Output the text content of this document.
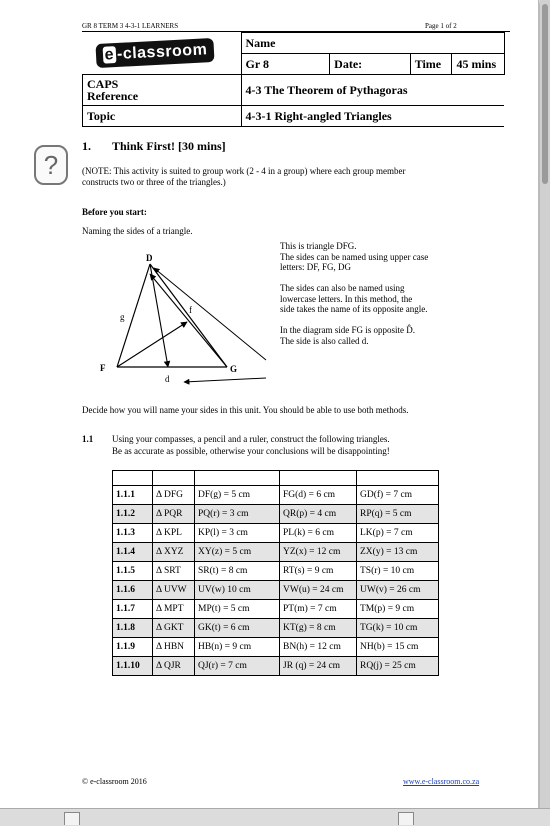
GR 8 TERM 3 4-3-1 LEARNERS	Page 1 of 2
e -classroom
		Name			
	Gr 8	Date:	Time	45 mins

CAPS
Reference	4-3 The Theorem of Pythagoras			
Topic	4-3-1 Right-angled Triangles			
?
1. Think First! [30 mins]
(NOTE: This activity is suited to group work (2 - 4 in a group) where each group member
constructs two or three of the triangles.)
Before you start:
Naming the sides of a triangle.
This is triangle DFG.
The sides can be named using upper case
letters: DF, FG, DG
The sides can also be named using
lowercase letters. In this method, the
side takes the name of its opposite angle.
In the diagram side FG is opposite D̂.
The side is also called d.
D
F	G
g
f
d
Decide how you will name your sides in this unit. You should be able to use both methods.
1.1 Using your compasses, a pencil and a ruler, construct the following triangles.
Be as accurate as possible, otherwise your conclusions will be disappointing!

1.1.1	Δ DFG	DF(g) = 5 cm	FG(d) = 6 cm	GD(f) = 7 cm
1.1.2	Δ PQR	PQ(r) = 3 cm	QR(p) = 4 cm	RP(q) = 5 cm
1.1.3	Δ KPL	KP(l) = 3 cm	PL(k) = 6 cm	LK(p) = 7 cm
1.1.4	Δ XYZ	XY(z) = 5 cm	YZ(x) = 12 cm	ZX(y) = 13 cm
1.1.5	Δ SRT	SR(t) = 8 cm	RT(s) = 9 cm	TS(r) = 10 cm
1.1.6	Δ UVW	UV(w) 10 cm	VW(u) = 24 cm	UW(v) = 26 cm
1.1.7	Δ MPT	MP(t) = 5 cm	PT(m) = 7 cm	TM(p) = 9 cm
1.1.8	Δ GKT	GK(t) = 6 cm	KT(g) = 8 cm	TG(k) = 10 cm
1.1.9	Δ HBN	HB(n) = 9 cm	BN(h) = 12 cm	NH(b) = 15 cm
1.1.10	Δ QJR	QJ(r) = 7 cm	JR (q) = 24 cm	RQ(j) = 25 cm
© e-classroom 2016	www.e-classroom.co.za
